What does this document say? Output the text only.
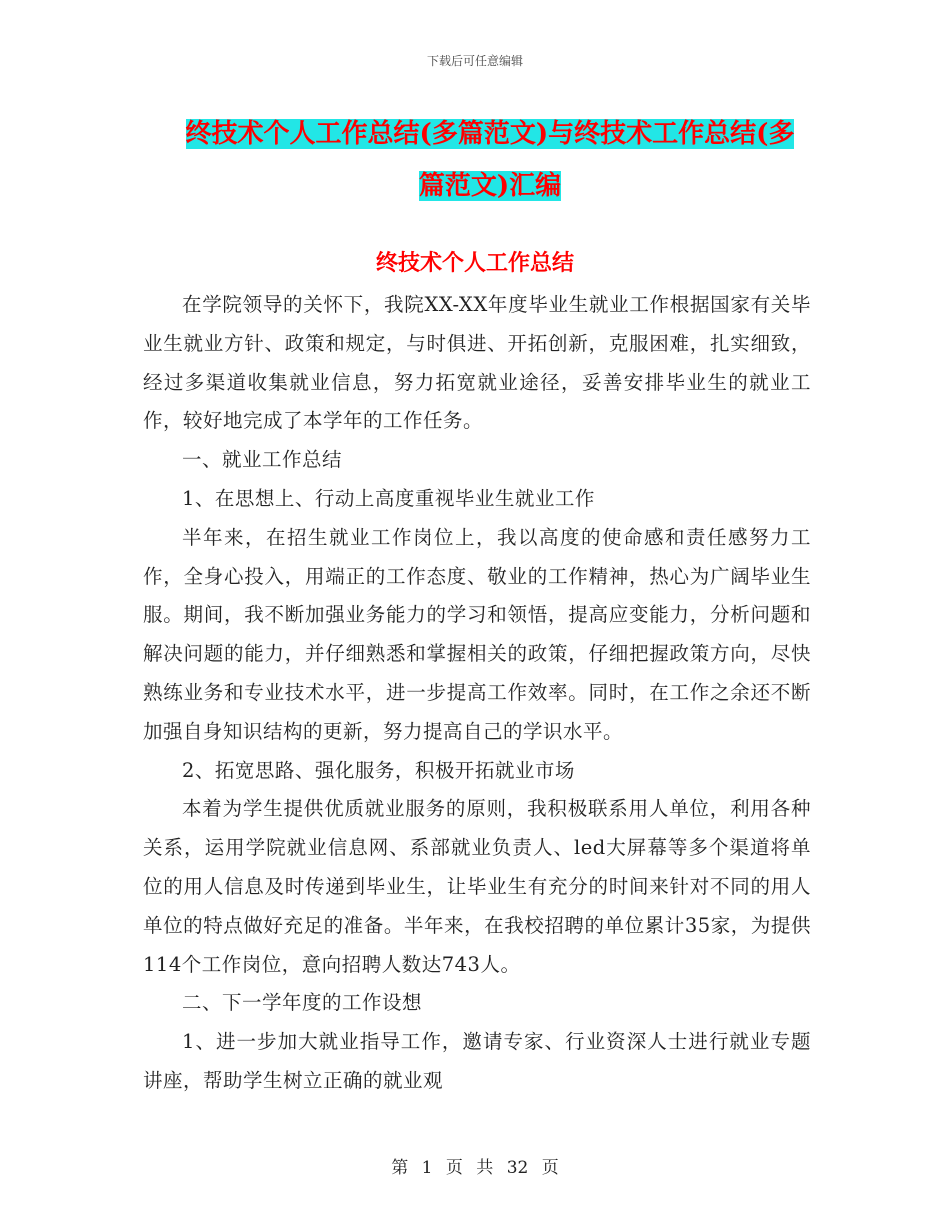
下载后可任意编辑
终技术个人工作总结(多篇范文)与终技术工作总结(多
篇范文)汇编
终技术个人工作总结

在学院领导的关怀下，我院XX-XX年度毕业生就业工作根据国家有关毕业生就业方针、政策和规定，与时俱进、开拓创新，克服困难，扎实细致，经过多渠道收集就业信息，努力拓宽就业途径，妥善安排毕业生的就业工作，较好地完成了本学年的工作任务。

一、就业工作总结

1、在思想上、行动上高度重视毕业生就业工作

半年来，在招生就业工作岗位上，我以高度的使命感和责任感努力工作，全身心投入，用端正的工作态度、敬业的工作精神，热心为广阔毕业生服。期间，我不断加强业务能力的学习和领悟，提高应变能力，分析问题和解决问题的能力，并仔细熟悉和掌握相关的政策，仔细把握政策方向，尽快熟练业务和专业技术水平，进一步提高工作效率。同时，在工作之余还不断加强自身知识结构的更新，努力提高自己的学识水平。

2、拓宽思路、强化服务，积极开拓就业市场

本着为学生提供优质就业服务的原则，我积极联系用人单位，利用各种关系，运用学院就业信息网、系部就业负责人、led大屏幕等多个渠道将单位的用人信息及时传递到毕业生，让毕业生有充分的时间来针对不同的用人单位的特点做好充足的准备。半年来，在我校招聘的单位累计35家，为提供114个工作岗位，意向招聘人数达743人。

二、下一学年度的工作设想

1、进一步加大就业指导工作，邀请专家、行业资深人士进行就业专题讲座，帮助学生树立正确的就业观

第 1 页 共 32 页
